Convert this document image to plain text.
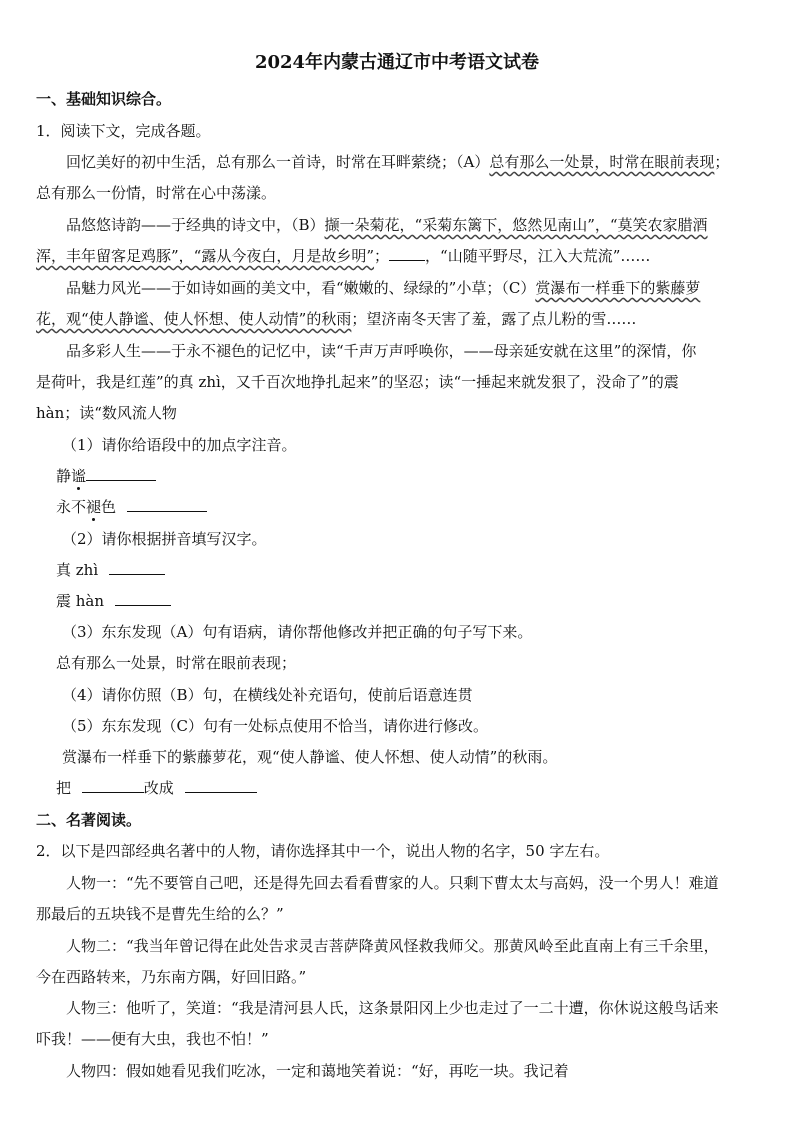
2024年内蒙古通辽市中考语文试卷
一、基础知识综合。
1．阅读下文，完成各题。
回忆美好的初中生活，总有那么一首诗，时常在耳畔萦绕；（A）总有那么一处景，时常在眼前表现；
总有那么一份情，时常在心中荡漾。
品悠悠诗韵——于经典的诗文中，（B）撷一朵菊花，“采菊东篱下，悠然见南山”，“莫笑农家腊酒
浑，丰年留客足鸡豚”，“露从今夜白，月是故乡明”； ，“山随平野尽，江入大荒流”……
品魅力风光——于如诗如画的美文中，看“嫩嫩的、绿绿的”小草；（C）赏瀑布一样垂下的紫藤萝
花，观“使人静谧、使人怀想、使人动情”的秋雨；望济南冬天害了羞，露了点儿粉的雪……
品多彩人生——于永不褪色的记忆中，读“千声万声呼唤你，——母亲延安就在这里”的深情，你
是荷叶，我是红莲”的真 zhì，又千百次地挣扎起来”的坚忍；读“一捶起来就发狠了，没命了”的震
hàn；读“数风流人物
（1）请你给语段中的加点字注音。
静谧
永不褪色
（2）请你根据拼音填写汉字。
真 zhì
震 hàn
（3）东东发现（A）句有语病，请你帮他修改并把正确的句子写下来。
总有那么一处景，时常在眼前表现；
（4）请你仿照（B）句，在横线处补充语句，使前后语意连贯
（5）东东发现（C）句有一处标点使用不恰当，请你进行修改。
赏瀑布一样垂下的紫藤萝花，观“使人静谧、使人怀想、使人动情”的秋雨。
把	改成
二、名著阅读。
2．以下是四部经典名著中的人物，请你选择其中一个，说出人物的名字，50 字左右。
人物一：“先不要管自己吧，还是得先回去看看曹家的人。只剩下曹太太与高妈，没一个男人！难道
那最后的五块钱不是曹先生给的么？”
人物二：“我当年曾记得在此处告求灵吉菩萨降黄风怪救我师父。那黄风岭至此直南上有三千余里，
今在西路转来，乃东南方隅，好回旧路。”
人物三：他听了，笑道：“我是清河县人氏，这条景阳冈上少也走过了一二十遭，你休说这般鸟话来
吓我！——便有大虫，我也不怕！”
人物四：假如她看见我们吃冰，一定和蔼地笑着说：“好，再吃一块。我记着
